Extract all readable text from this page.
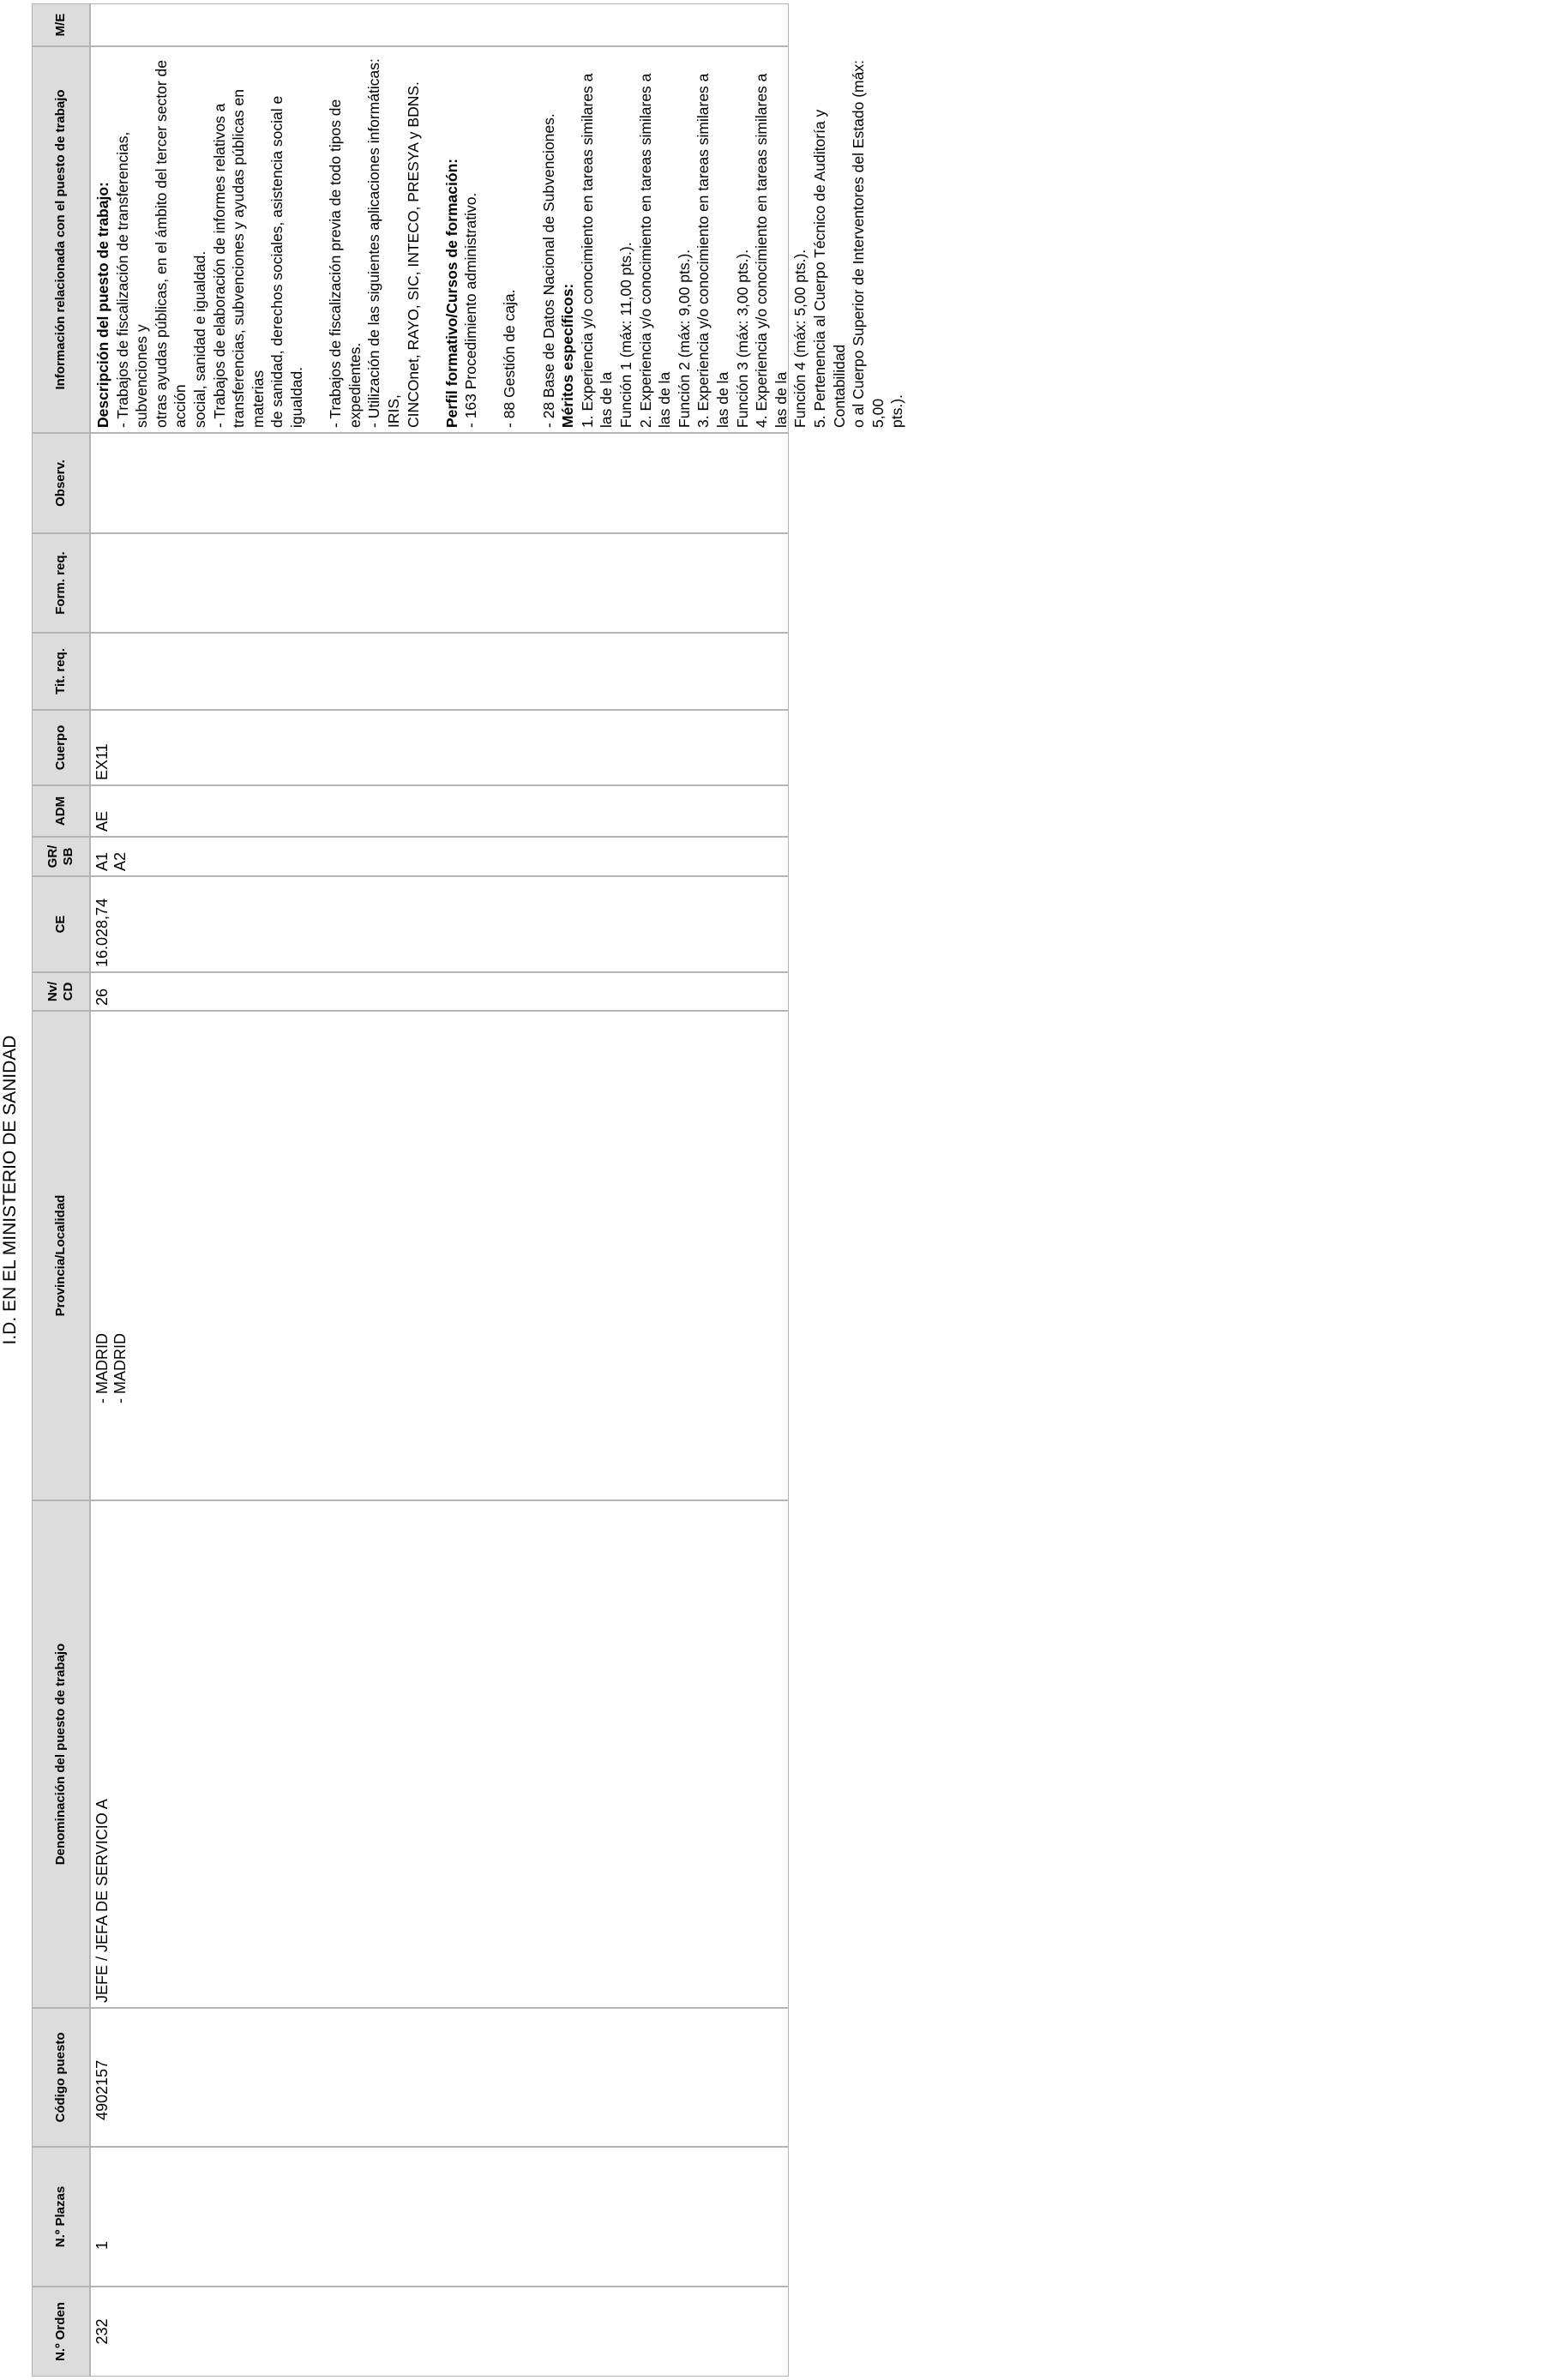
I.D. EN EL MINISTERIO DE SANIDAD
N.º Orden
N.º Plazas
Código puesto
Denominación del puesto de trabajo
Provincia/Localidad
Nv/ CD
CE
GR/ SB
ADM
Cuerpo
Tit. req.
Form. req.
Observ.
Información relacionada con el puesto de trabajo
M/E
232
1
4902157
JEFE / JEFA DE SERVICIO A
- MADRID - MADRID
26
16.028,74
A1 A2
AE
EX11
Descripción del puesto de trabajo: - Trabajos de fiscalización de transferencias, subvenciones y otras ayudas públicas, en el ámbito del tercer sector de acción social, sanidad e igualdad. - Trabajos de elaboración de informes relativos a transferencias, subvenciones y ayudas públicas en materias de sanidad, derechos sociales, asistencia social e igualdad.
- Trabajos de fiscalización previa de todo tipos de expedientes. - Utilización de las siguientes aplicaciones informáticas: IRIS, CINCOnet, RAYO, SIC, INTECO, PRESYA y BDNS.
Perfil formativo/Cursos de formación: - 163 Procedimiento administrativo.
- 88 Gestión de caja.
- 28 Base de Datos Nacional de Subvenciones. Méritos específicos: 1. Experiencia y/o conocimiento en tareas similares a las de la Función 1 (máx: 11,00 pts.). 2. Experiencia y/o conocimiento en tareas similares a las de la Función 2 (máx: 9,00 pts.). 3. Experiencia y/o conocimiento en tareas similares a las de la Función 3 (máx: 3,00 pts.). 4. Experiencia y/o conocimiento en tareas similares a las de la Función 4 (máx: 5,00 pts.). 5. Pertenencia al Cuerpo Técnico de Auditoría y Contabilidad o al Cuerpo Superior de Interventores del Estado (máx: 5,00 pts.).
